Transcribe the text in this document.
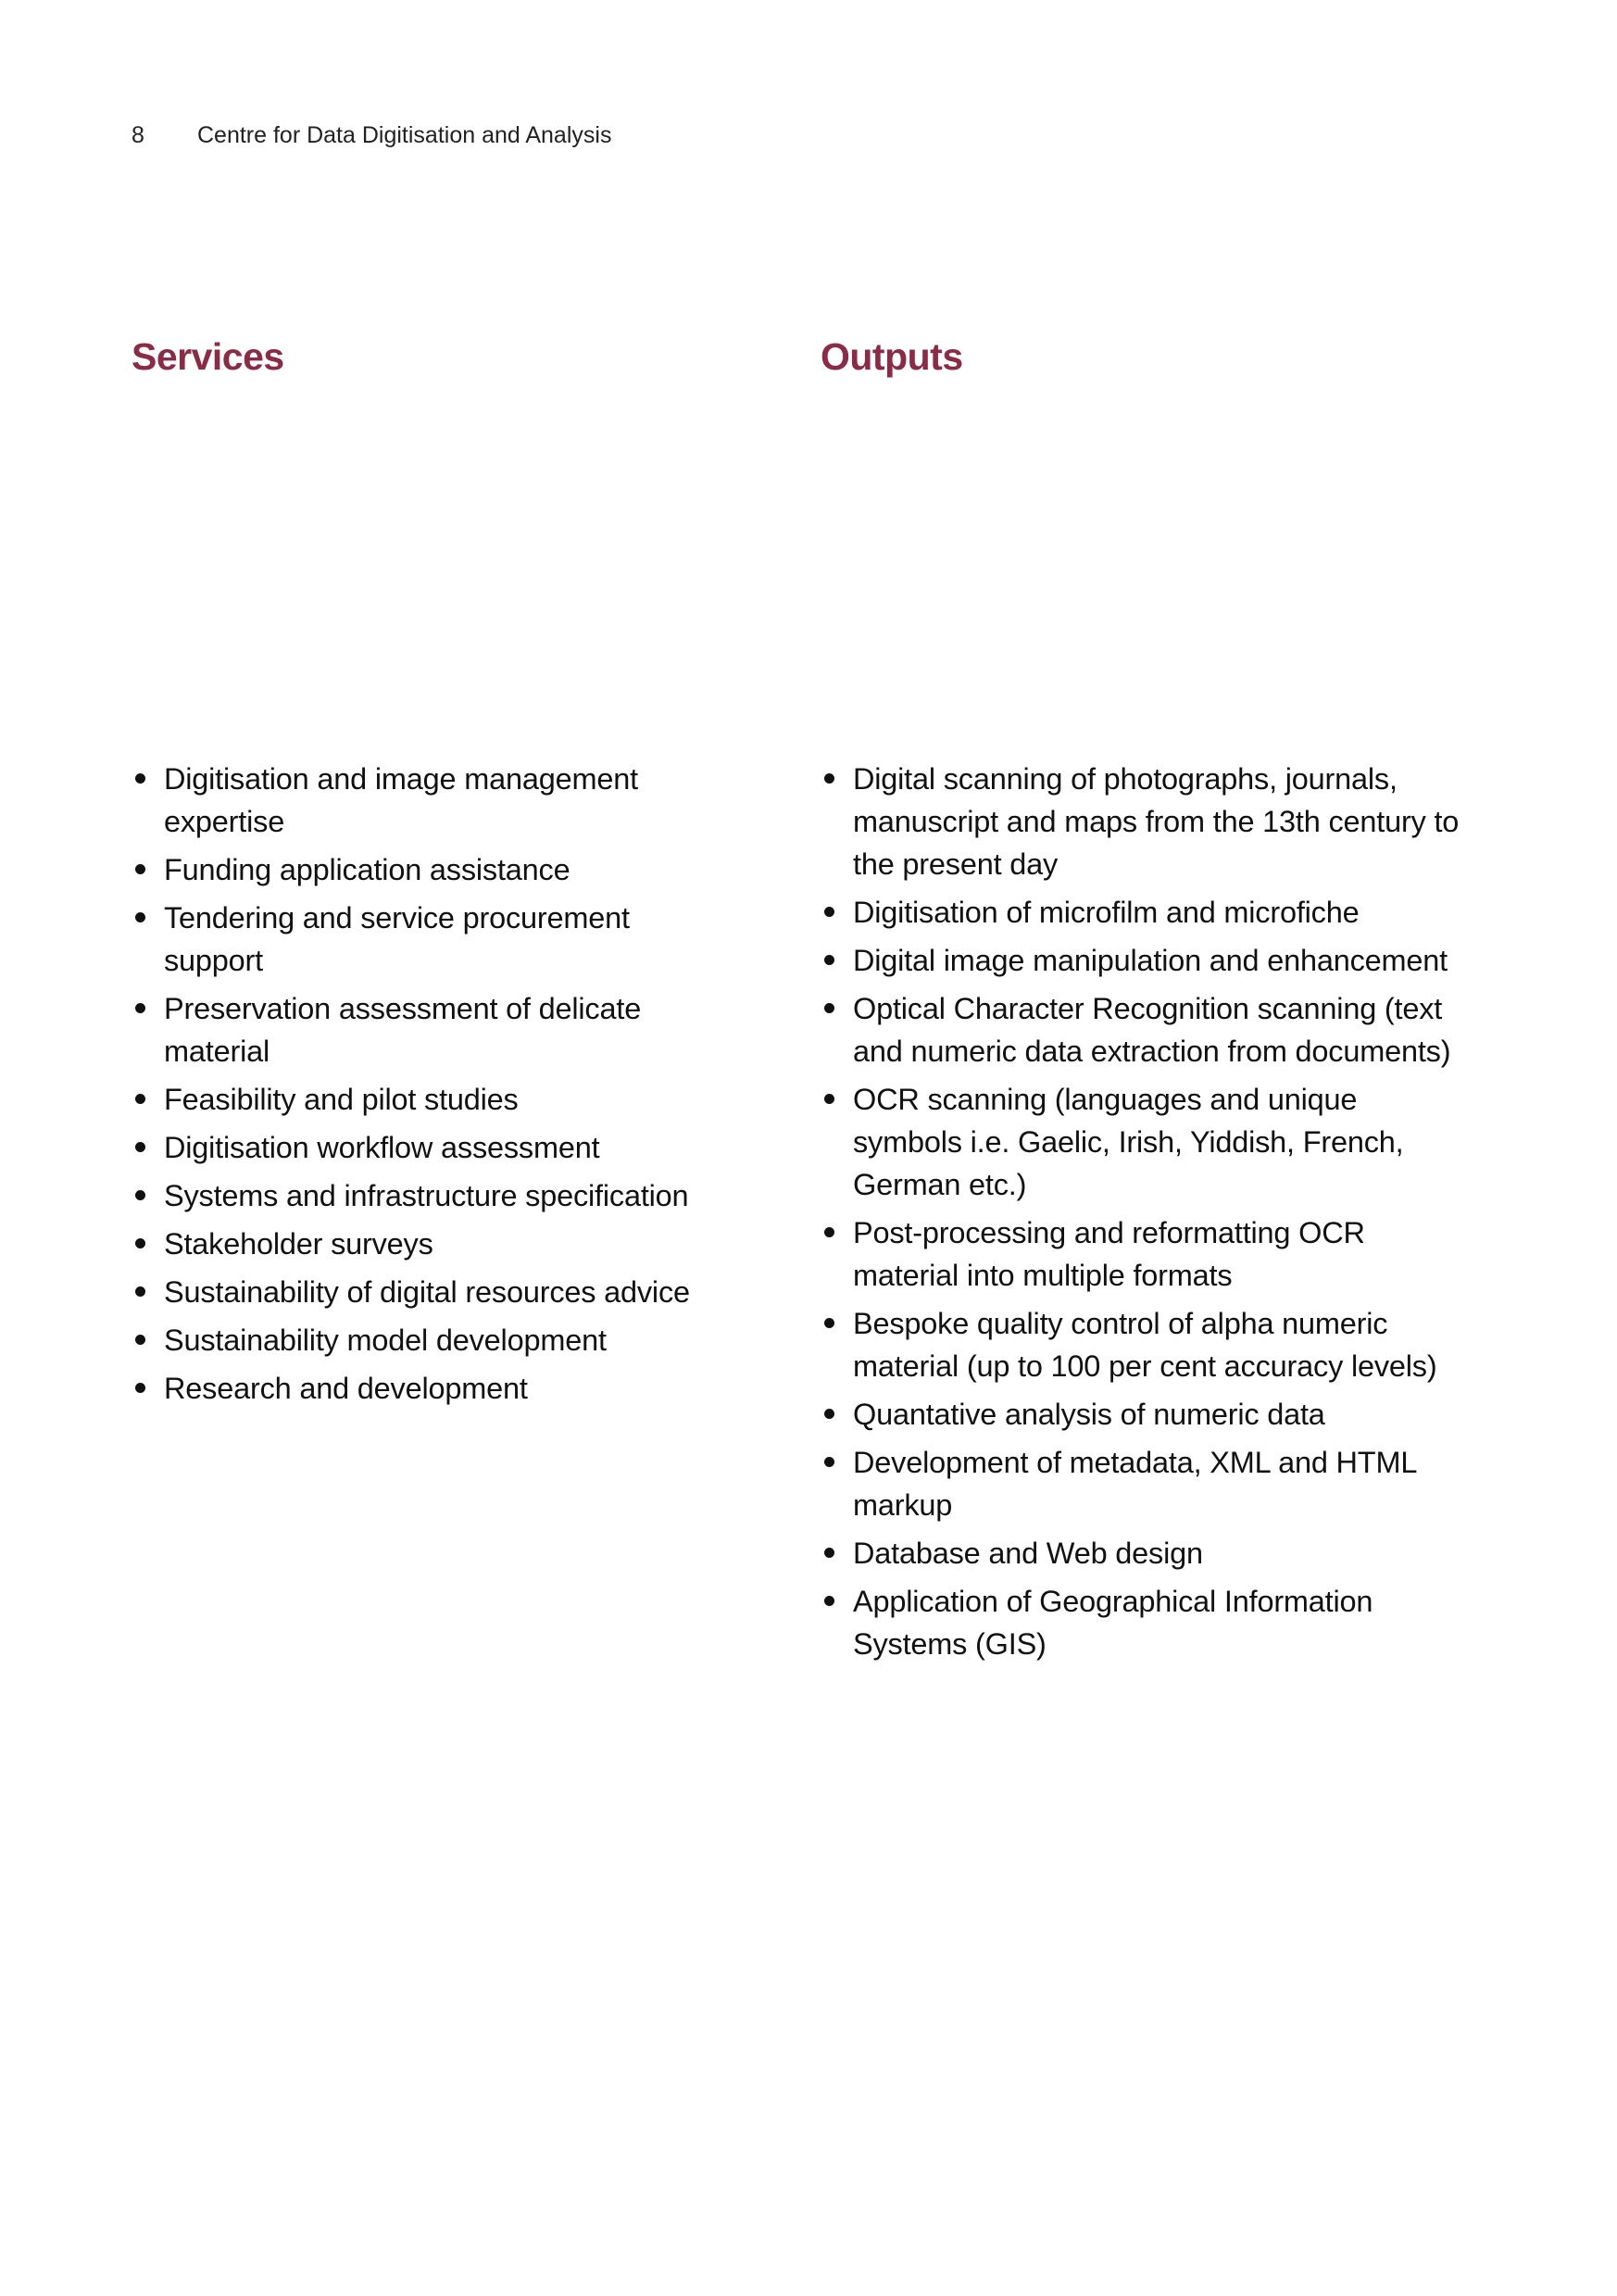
8 Centre for Data Digitisation and Analysis
Services	Outputs
Digitisation and image management expertise
Funding application assistance
Tendering and service procurement support
Preservation assessment of delicate material
Feasibility and pilot studies
Digitisation workflow assessment
Systems and infrastructure specification
Stakeholder surveys
Sustainability of digital resources advice
Sustainability model development
Research and development
Digital scanning of photographs, journals, manuscript and maps from the 13th century to the present day
Digitisation of microfilm and microfiche
Digital image manipulation and enhancement
Optical Character Recognition scanning (text and numeric data extraction from documents)
OCR scanning (languages and unique symbols i.e. Gaelic, Irish, Yiddish, French, German etc.)
Post-processing and reformatting OCR material into multiple formats
Bespoke quality control of alpha numeric material (up to 100 per cent accuracy levels)
Quantative analysis of numeric data
Development of metadata, XML and HTML markup
Database and Web design
Application of Geographical Information Systems (GIS)
